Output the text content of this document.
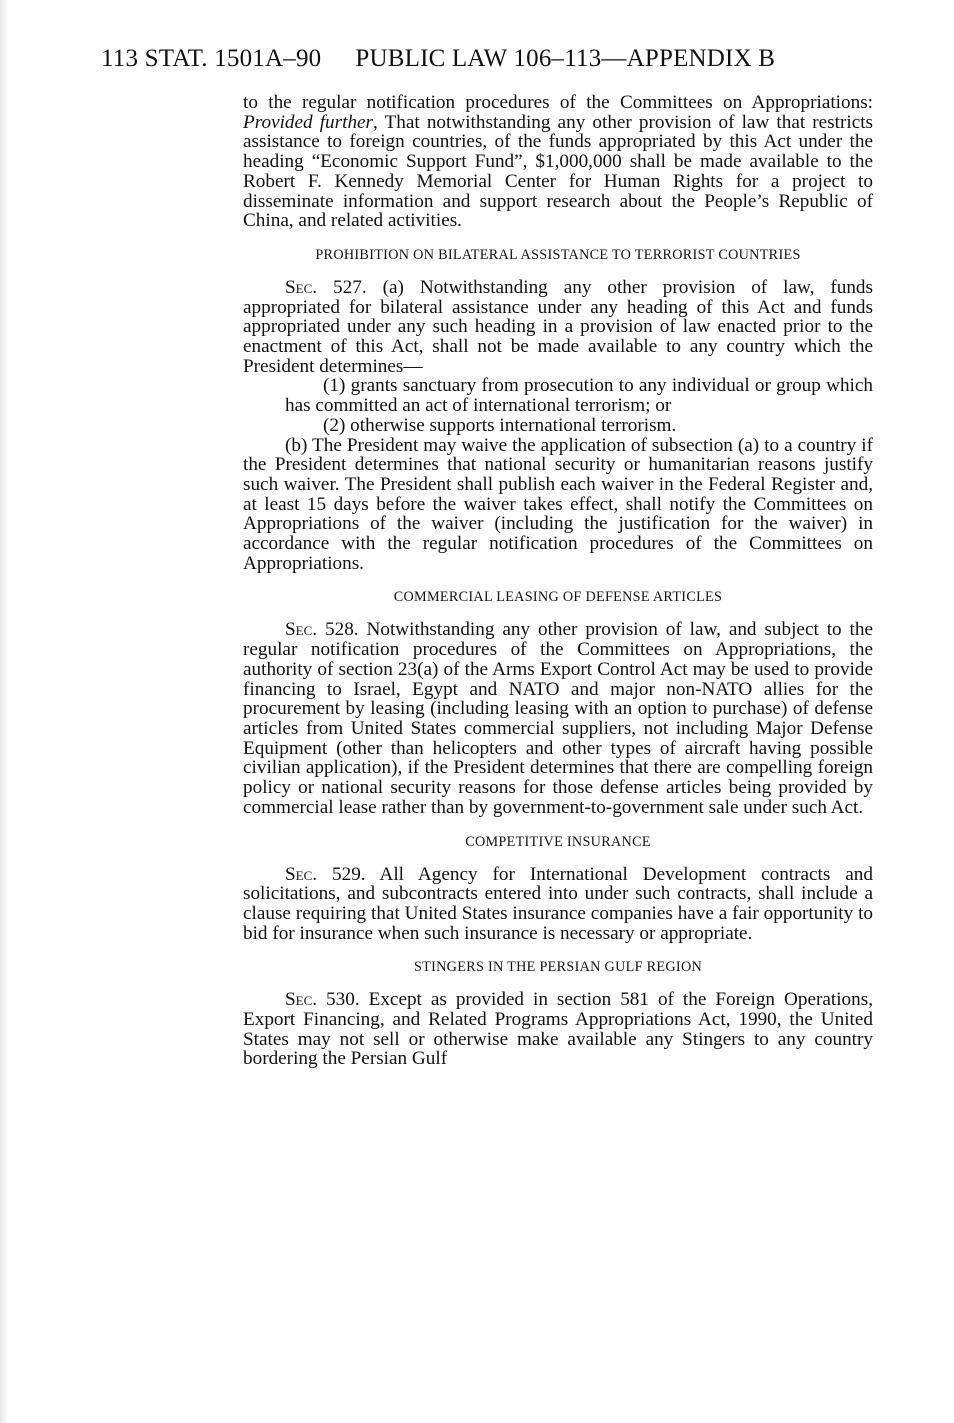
113 STAT. 1501A–90 PUBLIC LAW 106–113—APPENDIX B

to the regular notification procedures of the Committees on Appropriations: Provided further, That notwithstanding any other provision of law that restricts assistance to foreign countries, of the funds appropriated by this Act under the heading “Economic Support Fund”, $1,000,000 shall be made available to the Robert F. Kennedy Memorial Center for Human Rights for a project to disseminate information and support research about the People’s Republic of China, and related activities.

PROHIBITION ON BILATERAL ASSISTANCE TO TERRORIST COUNTRIES

Sec. 527. (a) Notwithstanding any other provision of law, funds appropriated for bilateral assistance under any heading of this Act and funds appropriated under any such heading in a provision of law enacted prior to the enactment of this Act, shall not be made available to any country which the President determines—

(1) grants sanctuary from prosecution to any individual or group which has committed an act of international terrorism; or

(2) otherwise supports international terrorism.

(b) The President may waive the application of subsection (a) to a country if the President determines that national security or humanitarian reasons justify such waiver. The President shall publish each waiver in the Federal Register and, at least 15 days before the waiver takes effect, shall notify the Committees on Appropriations of the waiver (including the justification for the waiver) in accordance with the regular notification procedures of the Committees on Appropriations.

COMMERCIAL LEASING OF DEFENSE ARTICLES

Sec. 528. Notwithstanding any other provision of law, and subject to the regular notification procedures of the Committees on Appropriations, the authority of section 23(a) of the Arms Export Control Act may be used to provide financing to Israel, Egypt and NATO and major non-NATO allies for the procurement by leasing (including leasing with an option to purchase) of defense articles from United States commercial suppliers, not including Major Defense Equipment (other than helicopters and other types of aircraft having possible civilian application), if the President determines that there are compelling foreign policy or national security reasons for those defense articles being provided by commercial lease rather than by government-to-government sale under such Act.

COMPETITIVE INSURANCE

Sec. 529. All Agency for International Development contracts and solicitations, and subcontracts entered into under such contracts, shall include a clause requiring that United States insurance companies have a fair opportunity to bid for insurance when such insurance is necessary or appropriate.

STINGERS IN THE PERSIAN GULF REGION

Sec. 530. Except as provided in section 581 of the Foreign Operations, Export Financing, and Related Programs Appropriations Act, 1990, the United States may not sell or otherwise make available any Stingers to any country bordering the Persian Gulf
